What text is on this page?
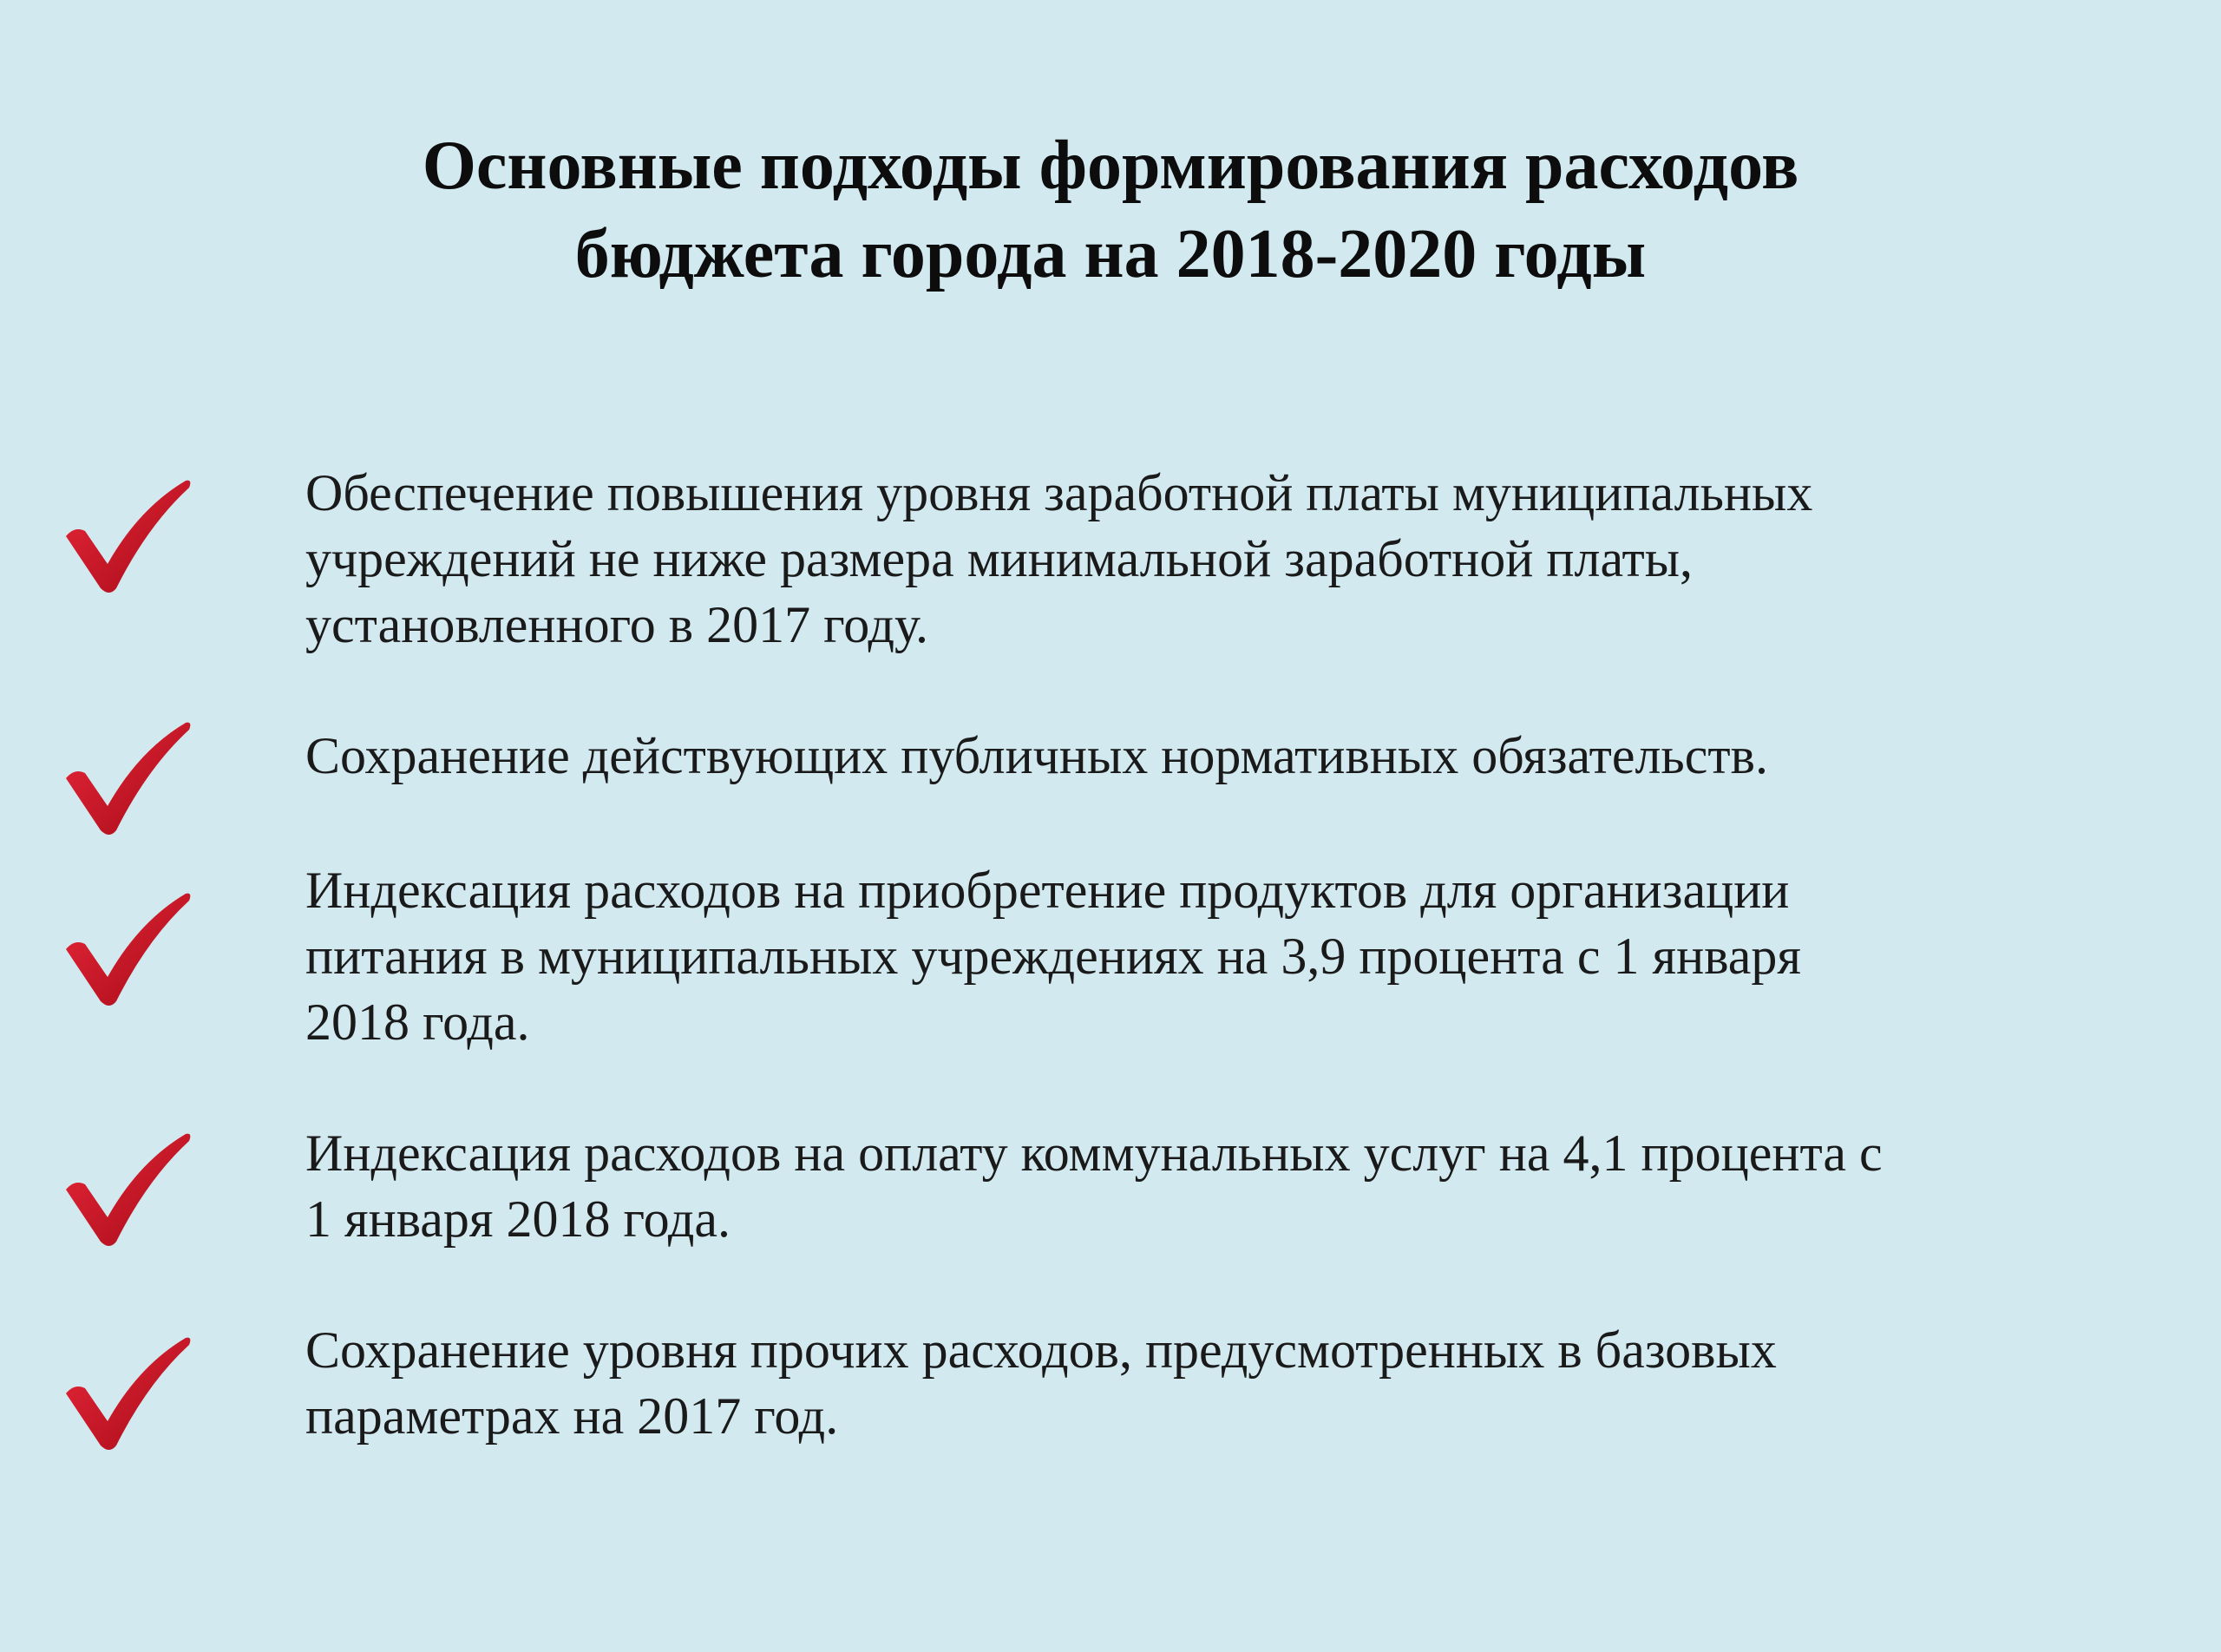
Основные подходы формирования расходов
бюджета города на 2018-2020 годы
Обеспечение повышения уровня заработной платы муниципальных
учреждений не ниже размера минимальной заработной платы,
установленного в 2017 году.
Сохранение действующих публичных нормативных обязательств.
Индексация расходов на приобретение продуктов для организации
питания в муниципальных учреждениях на 3,9 процента с 1 января
2018 года.
Индексация расходов на оплату коммунальных услуг на 4,1 процента с
1 января 2018 года.
Сохранение уровня прочих расходов, предусмотренных в базовых
параметрах на 2017 год.
